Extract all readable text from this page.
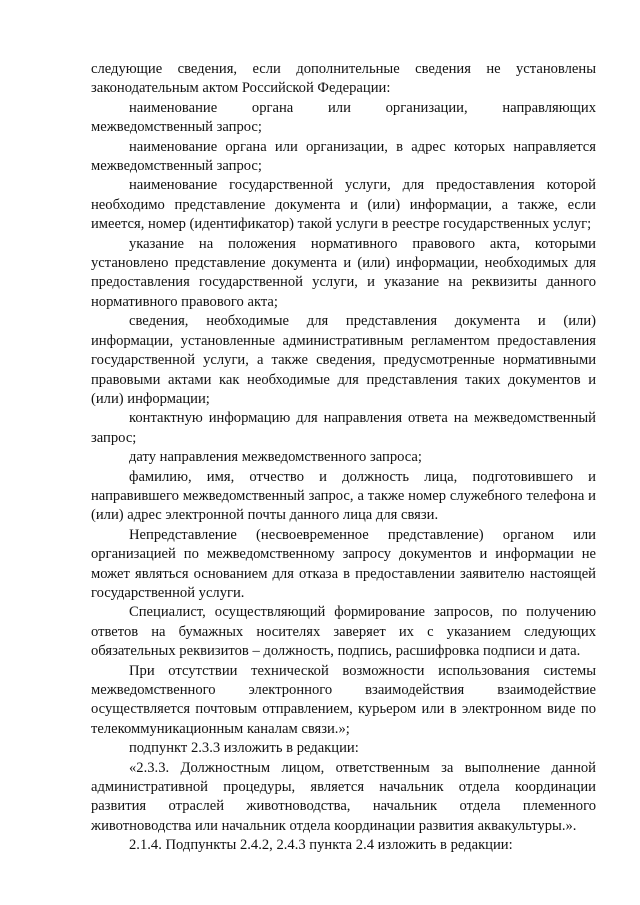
следующие сведения, если дополнительные сведения не установлены законодательным актом Российской Федерации:

наименование органа или организации, направляющих межведомственный запрос;

наименование органа или организации, в адрес которых направляется межведомственный запрос;

наименование государственной услуги, для предоставления которой необходимо представление документа и (или) информации, а также, если имеется, номер (идентификатор) такой услуги в реестре государственных услуг;

указание на положения нормативного правового акта, которыми установлено представление документа и (или) информации, необходимых для предоставления государственной услуги, и указание на реквизиты данного нормативного правового акта;

сведения, необходимые для представления документа и (или) информации, установленные административным регламентом предоставления государственной услуги, а также сведения, предусмотренные нормативными правовыми актами как необходимые для представления таких документов и (или) информации;

контактную информацию для направления ответа на межведомственный запрос;

дату направления межведомственного запроса;

фамилию, имя, отчество и должность лица, подготовившего и направившего межведомственный запрос, а также номер служебного телефона и (или) адрес электронной почты данного лица для связи.

Непредставление (несвоевременное представление) органом или организацией по межведомственному запросу документов и информации не может являться основанием для отказа в предоставлении заявителю настоящей государственной услуги.

Специалист, осуществляющий формирование запросов, по получению ответов на бумажных носителях заверяет их с указанием следующих обязательных реквизитов – должность, подпись, расшифровка подписи и дата.

При отсутствии технической возможности использования системы межведомственного электронного взаимодействия взаимодействие осуществляется почтовым отправлением, курьером или в электронном виде по телекоммуникационным каналам связи.»;

подпункт 2.3.3 изложить в редакции:

«2.3.3. Должностным лицом, ответственным за выполнение данной административной процедуры, является начальник отдела координации развития отраслей животноводства, начальник отдела племенного животноводства или начальник отдела координации развития аквакультуры.».

2.1.4. Подпункты 2.4.2, 2.4.3 пункта 2.4 изложить в редакции:
